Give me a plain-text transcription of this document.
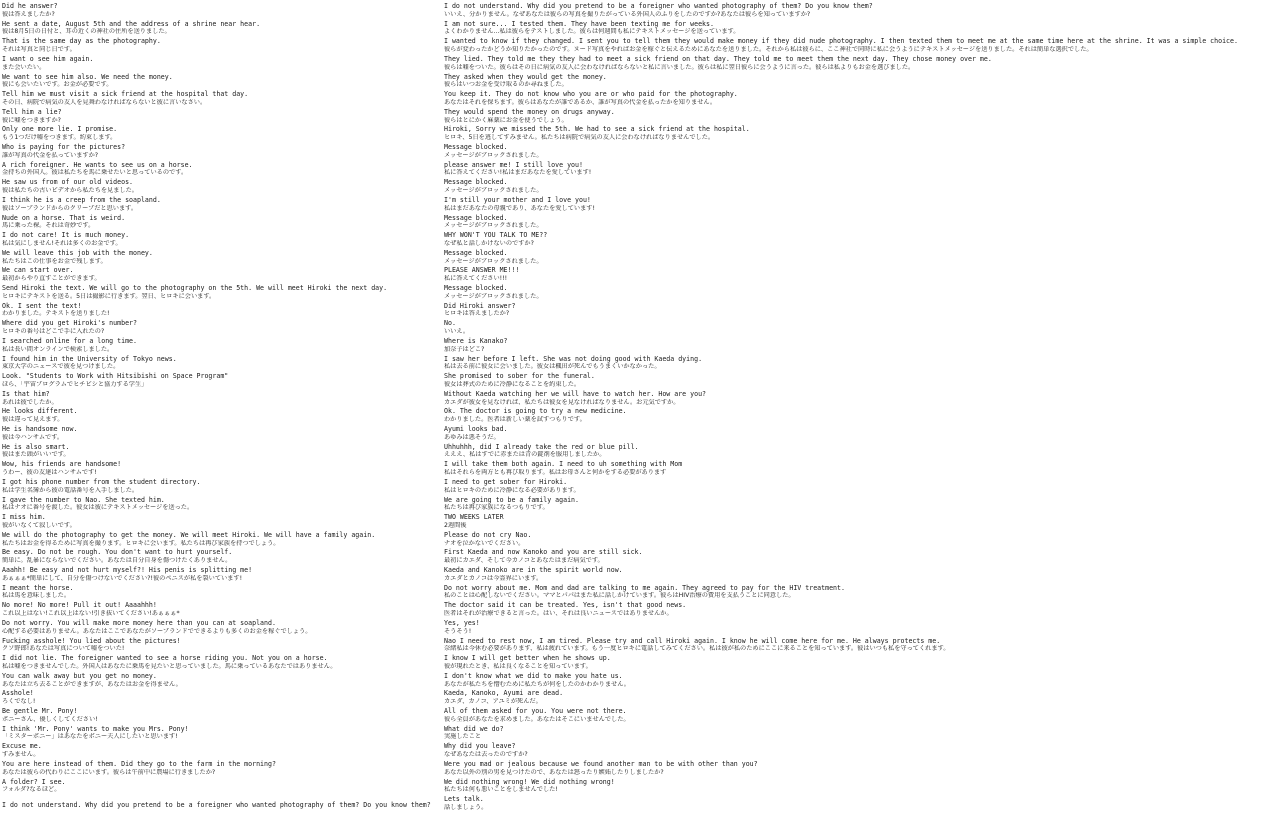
Did he answer?
彼は答えましたか?
He sent a date, August 5th and the address of a shrine near hear.
彼は8月5日の日付と、耳の近くの神社の住所を送りました。
That is the same day as the photography.
それは写真と同じ日です。
I want o see him again.
また会いたい。
We want to see him also. We need the money.
彼にも会いたいです。お金が必要です。
Tell him we must visit a sick friend at the hospital that day.
その日、病院で病気の友人を見舞わなければならないと彼に言いなさい。
Tell him a lie?
彼に嘘をつきますか?
Only one more lie. I promise.
もう1つだけ嘘をつきます。約束します。
Who is paying for the pictures?
誰が写真の代金を払っていますか?
A rich foreigner. He wants to see us on a horse.
金持ちの外国人。彼は私たちを馬に乗せたいと思っているのです。
He saw us from of our old videos.
彼は私たちの古いビデオから私たちを見ました。
I think he is a creep from the soapland.
彼はソープランドからのクリープだと思います。
Nude on a horse. That is weird.
馬に乗った裸。それは奇妙です。
I do not care! It is much money.
私は気にしません!それは多くのお金です。
We will leave this job with the money.
私たちはこの仕事をお金で残します。
We can start over.
最初からやり直すことができます。
Send Hiroki the text. We will go to the photography on the 5th. We will meet Hiroki the next day.
ヒロキにテキストを送る。5日は撮影に行きます。翌日、ヒロキに会います。
Ok. I sent the text!
わかりました。テキストを送りました!
Where did you get Hiroki's number?
ヒロキの番号はどこで手に入れたの?
I searched online for a long time.
私は長い間オンラインで検索しました。
I found him in the University of Tokyo news.
東京大学のニュースで彼を見つけました。
Look. "Students to Work with Hitsibishi on Space Program"
ほら、「宇宙プログラムでヒチビシと協力する学生」
Is that him?
あれは彼でしたか。
He looks different.
彼は違って見えます。
He is handsome now.
彼は今ハンサムです。
He is also smart.
彼はまた頭がいいです。
Wow, his friends are handsome!
うわー、彼の友達はハンサムです!
I got his phone number from the student directory.
私は学生名簿から彼の電話番号を入手しました。
I gave the number to Nao. She texted him.
私はナオに番号を渡した。彼女は彼にテキストメッセージを送った。
I miss him.
彼がいなくて寂しいです。
We will do the photography to get the money. We will meet Hiroki. We will have a family again.
私たちはお金を得るために写真を撮ります。ヒロキに会います。私たちは再び家族を持つでしょう。
Be easy. Do not be rough. You don't want to hurt yourself.
簡単に。乱暴にならないでください。あなたは自分自身を傷つけたくありません。
Aaahh! Be easy and not hurt myself?! His penis is splitting me!
あぁぁぁ*簡単にして、自分を傷つけないでください?!彼のペニスが私を裂いています!
I meant the horse.
私は馬を意味しました。
No more! No more! Pull it out! Aaaahhh!
これ以上はない!これ以上はない!引き抜いてください!あぁぁぁ*
Do not worry. You will make more money here than you can at soapland.
心配する必要はありません。あなたはここであなたがソープランドでできるよりも多くのお金を稼ぐでしょう。
Fucking asshole! You lied about the pictures!
クソ野郎!あなたは写真について嘘をついた!
I did not lie. The foreigner wanted to see a horse riding you. Not you on a horse.
私は嘘をつきませんでした。外国人はあなたに乗馬を見たいと思っていました。馬に乗っているあなたではありません。
You can walk away but you get no money.
あなたは立ち去ることができますが、あなたはお金を得ません。
Asshole!
ろくでなし!
Be gentle Mr. Pony!
ポニーさん、優しくしてください!
I think 'Mr. Pony' wants to make you Mrs. Pony!
「ミスターポニー」はあなたをポニー夫人にしたいと思います!
Excuse me.
すみません。
You are here instead of them. Did they go to the farm in the morning?
あなたは彼らの代わりにここにいます。彼らは午前中に農場に行きましたか?
A folder? I see.
フォルダ?なるほど。
I do not understand. Why did you pretend to be a foreigner who wanted photography of them? Do you know them?
いいえ、分かりません。なぜあなたは彼らの写真を撮りたがっている外国人のふりをしたのですか?あなたは彼らを知っていますか?
I am not sure... I tested them. They have been texting me for weeks.
よくわかりません...私は彼らをテストしました。彼らは何週間も私にテキストメッセージを送っています。
I wanted to know if they changed. I sent you to tell them they would make money if they did nude photography. I then texted them to meet me at the same time here at the shrine. It was a simple choice.
彼らが変わったかどうか知りたかったのです。ヌード写真をやればお金を稼ぐと伝えるためにあなたを送りました。それから私は彼らに、ここ神社で同時に私に会うようにテキストメッセージを送りました。それは簡単な選択でした。
They lied. They told me they they had to meet a sick friend on that day. They told me to meet them the next day. They chose money over me.
彼らは嘘をついた。彼らはその日に病気の友人に会わなければならないと私に言いました。彼らは私に翌日彼らに会うように言った。彼らは私よりもお金を選びました。
They asked when they would get the money.
彼らはいつお金を受け取るのか尋ねました。
You keep it. They do not know who you are or who paid for the photography.
あなたはそれを保ちます。彼らはあなたが誰であるか、誰が写真の代金を払ったかを知りません。
They would spend the money on drugs anyway.
彼らはとにかく麻薬にお金を使うでしょう。
Hiroki, Sorry we missed the 5th. We had to see a sick friend at the hospital.
ヒロキ、5日を逃してすみません。私たちは病院で病気の友人に会わなければなりませんでした。
Message blocked.
メッセージがブロックされました。
please answer me! I still love you!
私に答えてください!私はまだあなたを愛しています!
Message blocked.
メッセージがブロックされました。
I'm still your mother and I love you!
私はまだあなたの母親であり、あなたを愛しています!
Message blocked.
メッセージがブロックされました。
WHY WON'T YOU TALK TO ME??
なぜ私と話しかけないのですか?
Message blocked.
メッセージがブロックされました。
PLEASE ANSWER ME!!!
私に答えてください!!!
Message blocked.
メッセージがブロックされました。
Did Hiroki answer?
ヒロキは答えましたか?
No.
いいえ。
Where is Kanako?
加奈子はどこ?
I saw her before I left. She was not doing good with Kaeda dying.
私は去る前に彼女に会いました。彼女は楓田が死んでもうまくいかなかった。
She promised to sober for the funeral.
彼女は葬式のために冷静になることを約束した。
Without Kaeda watching her we will have to watch her. How are you?
カエダが彼女を見なければ、私たちは彼女を見なければなりません。お元気ですか。
Ok. The doctor is going to try a new medicine.
わかりました。医者は新しい薬を試すつもりです。
Ayumi looks bad.
あゆみは悪そうだ。
Uhhuhhh, did I already take the red or blue pill.
えええ、私はすでに赤または青の錠剤を服用しましたか。
I will take them both again. I need to uh something with Mom
私はそれらを両方とも再び取ります。私はお母さんと何かをする必要があります
I need to get sober for Hiroki.
私はヒロキのために冷静になる必要があります。
We are going to be a family again.
私たちは再び家族になるつもりです。
TWO WEEKS LATER
2週間後
Please do not cry Nao.
ナオを泣かないでください。
First Kaeda and now Kanoko and you are still sick.
最初にカエダ、そして今カノコとあなたはまだ病気です。
Kaeda and Kanoko are in the spirit world now.
カエダとカノコは今霊界にいます。
Do not worry about me. Mom and dad are talking to me again. They agreed to pay for the HIV treatment.
私のことは心配しないでください。ママとパパはまた私に話しかけています。彼らはHIV治療の費用を支払うことに同意した。
The doctor said it can be treated. Yes, isn't that good news.
医者はそれが治療できると言った。はい、それは良いニュースではありませんか。
Yes, yes!
そうそう!
Nao I need to rest now, I am tired. Please try and call Hiroki again. I know he will come here for me. He always protects me.
奈緒私は今休む必要があります、私は疲れています。もう一度ヒロキに電話してみてください。私は彼が私のためにここに来ることを知っています。彼はいつも私を守ってくれます。
I know I will get better when he shows up.
彼が現れたとき、私は良くなることを知っています。
I don't know what we did to make you hate us.
あなたが私たちを憎むために私たちが何をしたのかわかりません。
Kaeda, Kanoko, Ayumi are dead.
カエダ、カノコ、アユミが死んだ。
All of them asked for you. You were not there.
彼ら全員があなたを求めました。あなたはそこにいませんでした。
What did we do?
実施したこと
Why did you leave?
なぜあなたは去ったのですか?
Were you mad or jealous because we found another man to be with other than you?
あなた以外の別の男を見つけたので、あなたは怒ったり嫉妬したりしましたか?
We did nothing wrong! We did nothing wrong!
私たちは何も悪いことをしませんでした!
Lets talk.
話しましょう。
I do not understand. Why did you pretend to be a foreigner who wanted photography of them? Do you know them?
